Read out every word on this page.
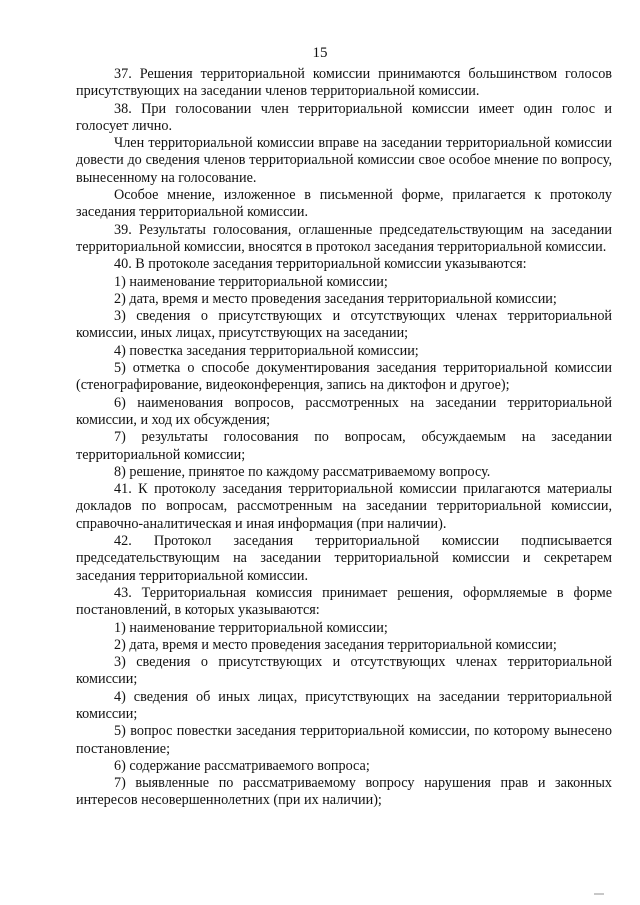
15

37. Решения территориальной комиссии принимаются большинством голосов присутствующих на заседании членов территориальной комиссии.

38. При голосовании член территориальной комиссии имеет один голос и голосует лично.

Член территориальной комиссии вправе на заседании территориальной комиссии довести до сведения членов территориальной комиссии свое особое мнение по вопросу, вынесенному на голосование.

Особое мнение, изложенное в письменной форме, прилагается к протоколу заседания территориальной комиссии.

39. Результаты голосования, оглашенные председательствующим на заседании территориальной комиссии, вносятся в протокол заседания территориальной комиссии.

40. В протоколе заседания территориальной комиссии указываются:

1) наименование территориальной комиссии;

2) дата, время и место проведения заседания территориальной комиссии;

3) сведения о присутствующих и отсутствующих членах территориальной комиссии, иных лицах, присутствующих на заседании;

4) повестка заседания территориальной комиссии;

5) отметка о способе документирования заседания территориальной комиссии (стенографирование, видеоконференция, запись на диктофон и другое);

6) наименования вопросов, рассмотренных на заседании территориальной комиссии, и ход их обсуждения;

7) результаты голосования по вопросам, обсуждаемым на заседании территориальной комиссии;

8) решение, принятое по каждому рассматриваемому вопросу.

41. К протоколу заседания территориальной комиссии прилагаются материалы докладов по вопросам, рассмотренным на заседании территориальной комиссии, справочно-аналитическая и иная информация (при наличии).

42. Протокол заседания территориальной комиссии подписывается председательствующим на заседании территориальной комиссии и секретарем заседания территориальной комиссии.

43. Территориальная комиссия принимает решения, оформляемые в форме постановлений, в которых указываются:

1) наименование территориальной комиссии;

2) дата, время и место проведения заседания территориальной комиссии;

3) сведения о присутствующих и отсутствующих членах территориальной комиссии;

4) сведения об иных лицах, присутствующих на заседании территориальной комиссии;

5) вопрос повестки заседания территориальной комиссии, по которому вынесено постановление;

6) содержание рассматриваемого вопроса;

7) выявленные по рассматриваемому вопросу нарушения прав и законных интересов несовершеннолетних (при их наличии);
